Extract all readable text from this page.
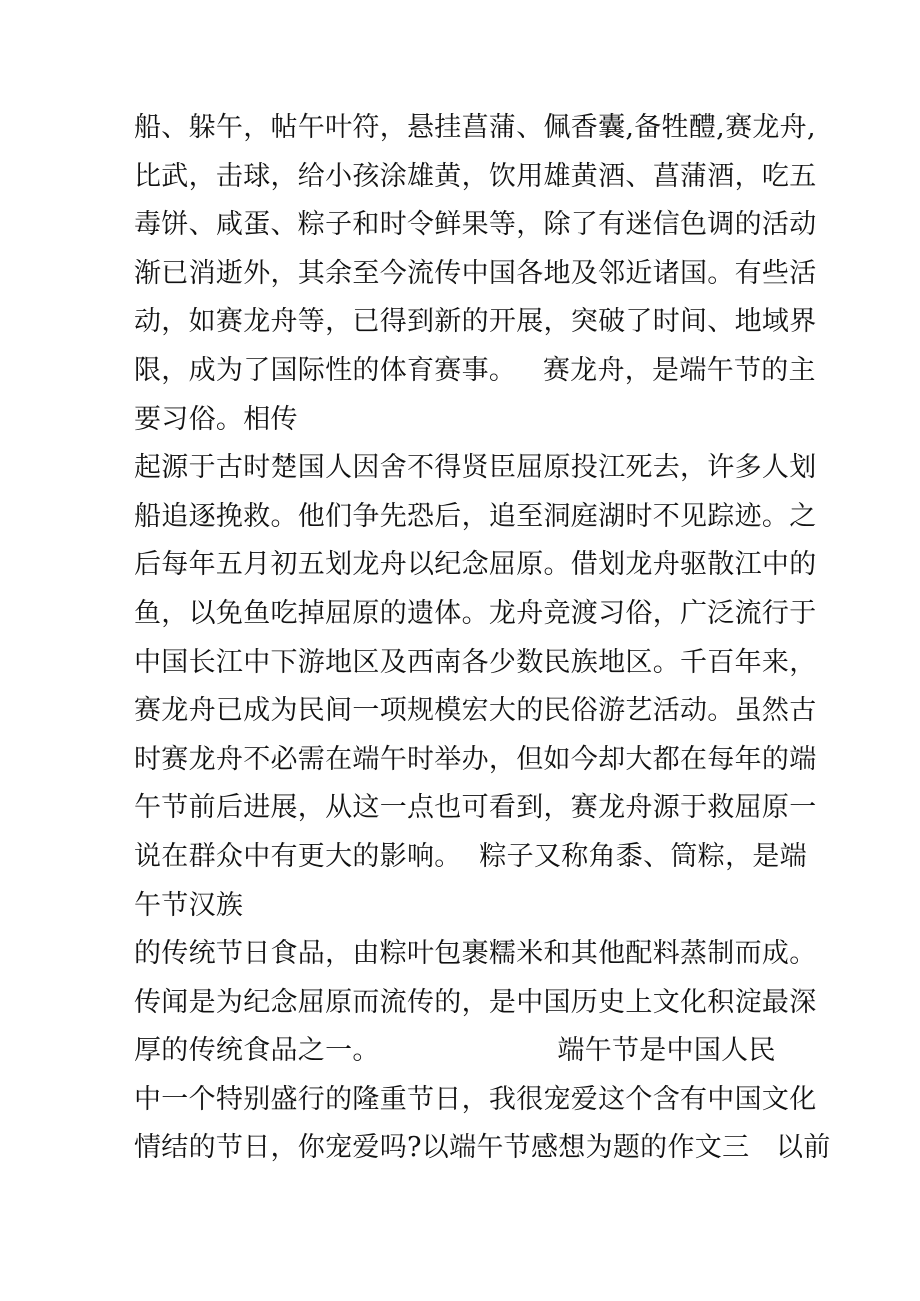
船、躲午，帖午叶符，悬挂菖蒲、佩香囊,备牲醴,赛龙舟,
比武，击球，给小孩涂雄黄，饮用雄黄酒、菖蒲酒，吃五
毒饼、咸蛋、粽子和时令鲜果等，除了有迷信色调的活动
渐已消逝外，其余至今流传中国各地及邻近诸国。有些活
动，如赛龙舟等，已得到新的开展，突破了时间、地域界
限，成为了国际性的体育赛事。   赛龙舟，是端午节的主
要习俗。相传
起源于古时楚国人因舍不得贤臣屈原投江死去，许多人划
船追逐挽救。他们争先恐后，追至洞庭湖时不见踪迹。之
后每年五月初五划龙舟以纪念屈原。借划龙舟驱散江中的
鱼，以免鱼吃掉屈原的遗体。龙舟竞渡习俗，广泛流行于
中国长江中下游地区及西南各少数民族地区。千百年来，
赛龙舟已成为民间一项规模宏大的民俗游艺活动。虽然古
时赛龙舟不必需在端午时举办，但如今却大都在每年的端
午节前后进展，从这一点也可看到，赛龙舟源于救屈原一
说在群众中有更大的影响。  粽子又称角黍、筒粽，是端
午节汉族
的传统节日食品，由粽叶包裹糯米和其他配料蒸制而成。
传闻是为纪念屈原而流传的，是中国历史上文化积淀最深
厚的传统食品之一。                    端午节是中国人民
中一个特别盛行的隆重节日，我很宠爱这个含有中国文化
情结的节日，你宠爱吗?以端午节感想为题的作文三   以前
